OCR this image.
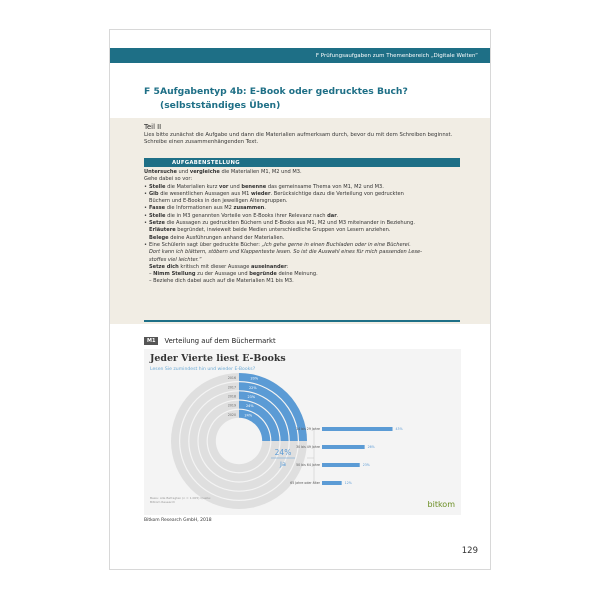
F Prüfungsaufgaben zum Themenbereich „Digitale Welten“
F 5Aufgabentyp 4b: E-Book oder gedrucktes Buch?
(selbstständiges Üben)
Teil II
Lies bitte zunächst die Aufgabe und dann die Materialien aufmerksam durch, bevor du mit dem Schreiben beginnst. Schreibe einen zusammenhängenden Text.
AUFGABENSTELLUNG

Untersuche und vergleiche die Materialien M1, M2 und M3.

Gehe dabei so vor:

• Stelle die Materialien kurz vor und benenne das gemeinsame Thema von M1, M2 und M3.
• Gib die wesentlichen Aussagen aus M1 wieder. Berücksichtige dazu die Verteilung von gedruckten
Büchern und E-Books in den jeweiligen Altersgruppen.
• Fasse die Informationen aus M2 zusammen.
• Stelle die in M3 genannten Vorteile von E-Books ihrer Relevanz nach dar.
• Setze die Aussagen zu gedruckten Büchern und E-Books aus M1, M2 und M3 miteinander in Beziehung.
Erläutere begründet, inwieweit beide Medien unterschiedliche Gruppen von Lesern anziehen.
Belege deine Ausführungen anhand der Materialien.
• Eine Schülerin sagt über gedruckte Bücher: „Ich gehe gerne in einen Buchladen oder in eine Bücherei.
Dort kann ich blättern, stöbern und Klappentexte lesen. So ist die Auswahl eines für mich passenden Lese-
stoffes viel leichter.“
Setze dich kritisch mit dieser Aussage auseinander:

– Nimm Stellung zu der Aussage und begründe deine Meinung.

– Beziehe dich dabei auch auf die Materialien M1 bis M3.

M1	Verteilung auf dem Büchermarkt
2016	20%
2017	22%
2018	23%
2019	24%
2020	24%
24%
Ja
14 bis 29 Jahre	43%
30 bis 49 Jahre	26%
50 bis 64 Jahre	23%
65 Jahre oder älter	12%
Jeder Vierte liest E-Books
Lesen Sie zumindest hin und wieder E-Books?
Basis: Alle Befragten (n = 1.005) Quelle: Bitkom Research	bitkom
Bitkom Research GmbH, 2018
129
